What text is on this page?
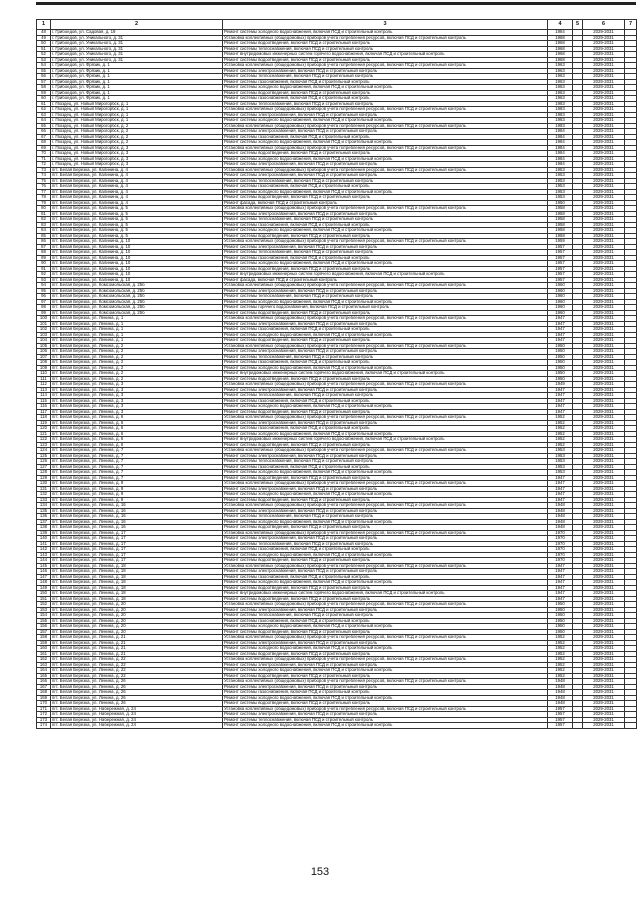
1	2	3	4	5	6	7
48	г. Грибоедов, ул. Садовая, д. 19	Ремонт системы холодного водоснабжения, включая ПСД и строительный контроль	1984		2029-2031	
49	г. Грибоедов, ул. Уникального, д. 31	Установка коллективных (общедомовых) приборов учета потребления ресурсов, включая ПСД и строительный контроль	1968		2029-2031	
50	г. Грибоедов, ул. Уникального, д. 31	Ремонт системы водоотведения, включая ПСД и строительный контроль	1968		2029-2031	
51	г. Грибоедов, ул. Уникального, д. 31	Ремонт системы теплоснабжения, включая ПСД и строительный контроль	1968		2029-2031	
52	г. Грибоедов, ул. Уникального, д. 31	Ремонт внутридомовых инженерных систем горячего водоснабжения, включая ПСД и строительный контроль	1968		2029-2031	
53	г. Грибоедов, ул. Уникального, д. 31	Ремонт системы водоотведения, включая ПСД и строительный контроль	1968		2029-2031	
54	г. Грибоедов, ул. Фрязик, д. 1	Установка коллективных (общедомовых) приборов учета потребления ресурсов, включая ПСД и строительный контроль	1963		2029-2031	
55	г. Грибоедов, ул. Фрязик, д. 1	Ремонт системы электроснабжения, включая ПСД и строительный контроль	1963		2029-2031	
56	г. Грибоедов, ул. Фрязик, д. 1	Ремонт системы теплоснабжения, включая ПСД и строительный контроль	1963		2029-2031	
57	г. Грибоедов, ул. Фрязик, д. 1	Ремонт системы газоснабжения, включая ПСД и строительный контроль	1963		2029-2031	
58	г. Грибоедов, ул. Фрязик, д. 1	Ремонт системы холодного водоснабжения, включая ПСД и строительный контроль	1963		2029-2031	
59	г. Грибоедов, ул. Фрязик, д. 1	Ремонт системы водоотведения, включая ПСД и строительный контроль	1963		2029-2031	
60	г. Грибоедов, ул. Фрязик, д. 1	Ремонт системы газоснабжения, включая ПСД и строительный контроль	1963		2029-2031	
61	г. Гвоздец, ул. Новый Мирогорбск, д. 1	Ремонт системы теплоснабжения, включая ПСД и строительный контроль	1983		2029-2031	
62	г. Гвоздец, ул. Новый Мирогорбск, д. 1	Установка коллективных (общедомовых) приборов учета потребления ресурсов, включая ПСД и строительный контроль	1983		2029-2031	
63	г. Гвоздец, ул. Новый Мирогорбск, д. 1	Ремонт системы электроснабжения, включая ПСД и строительный контроль	1983		2029-2031	
64	г. Гвоздец, ул. Новый Мирогорбск, д. 1	Ремонт системы холодного водоснабжения, включая ПСД и строительный контроль	1983		2029-2031	
65	г. Гвоздец, ул. Новый Мирогорбск, д. 2	Установка коллективных (общедомовых) приборов учета потребления ресурсов, включая ПСД и строительный контроль	1983		2029-2031	
66	г. Гвоздец, ул. Новый Мирогорбск, д. 2	Ремонт системы электроснабжения, включая ПСД и строительный контроль	1984		2029-2031	
67	г. Гвоздец, ул. Новый Мирогорбск, д. 2	Ремонт системы газоснабжения, включая ПСД и строительный контроль	1984		2029-2031	
68	г. Гвоздец, ул. Новый Мирогорбск, д. 2	Ремонт системы холодного водоснабжения, включая ПСД и строительный контроль	1984		2029-2031	
69	г. Гвоздец, ул. Новый Мирогорбск, д. 3	Установка коллективных (общедомовых) приборов учета потребления ресурсов, включая ПСД и строительный контроль	1984		2029-2031	
70	г. Гвоздец, ул. Новый Мирогорбск, д. 3	Ремонт системы водоотведения, включая ПСД и строительный контроль	1984		2029-2031	
71	г. Гвоздец, ул. Новый Мирогорбск, д. 3	Ремонт системы холодного водоснабжения, включая ПСД и строительный контроль	1984		2029-2031	
72	г. Гвоздец, ул. Новый Мирогорбск, д. 3	Ремонт системы электроснабжения, включая ПСД и строительный контроль	1984		2029-2031	
73	пгт. Белая Березка, ул. Калинина, д. 4	Установка коллективных (общедомовых) приборов учета потребления ресурсов, включая ПСД и строительный контроль	1953		2029-2031	
74	пгт. Белая Березка, ул. Калинина, д. 4	Ремонт системы электроснабжения, включая ПСД и строительный контроль	1953		2029-2031	
75	пгт. Белая Березка, ул. Калинина, д. 4	Ремонт системы теплоснабжения, включая ПСД и строительный контроль	1953		2029-2031	
76	пгт. Белая Березка, ул. Калинина, д. 4	Ремонт системы газоснабжения, включая ПСД и строительный контроль	1953		2029-2031	
77	пгт. Белая Березка, ул. Калинина, д. 4	Ремонт системы холодного водоснабжения, включая ПСД и строительный контроль	1953		2029-2031	
78	пгт. Белая Березка, ул. Калинина, д. 4	Ремонт системы водоотведения, включая ПСД и строительный контроль	1953		2029-2031	
79	пгт. Белая Березка, ул. Калинина, д. 4	Ремонт фасада, включая ПСД и строительный контроль	1950		2029-2031	
80	пгт. Белая Березка, ул. Калинина, д. 5	Установка коллективных (общедомовых) приборов учета потребления ресурсов, включая ПСД и строительный контроль	1958		2029-2031	
81	пгт. Белая Березка, ул. Калинина, д. 5	Ремонт системы электроснабжения, включая ПСД и строительный контроль	1958		2029-2031	
82	пгт. Белая Березка, ул. Калинина, д. 5	Ремонт системы теплоснабжения, включая ПСД и строительный контроль	1958		2029-2031	
83	пгт. Белая Березка, ул. Калинина, д. 5	Ремонт системы газоснабжения, включая ПСД и строительный контроль	1958		2029-2031	
84	пгт. Белая Березка, ул. Калинина, д. 5	Ремонт системы холодного водоснабжения, включая ПСД и строительный контроль	1958		2029-2031	
85	пгт. Белая Березка, ул. Калинина, д. 5	Ремонт системы водоотведения, включая ПСД и строительный контроль	1958		2029-2031	
86	пгт. Белая Березка, ул. Калинина, д. 10	Установка коллективных (общедомовых) приборов учета потребления ресурсов, включая ПСД и строительный контроль	1959		2029-2031	
87	пгт. Белая Березка, ул. Калинина, д. 10	Ремонт системы электроснабжения, включая ПСД и строительный контроль	1957		2029-2031	
88	пгт. Белая Березка, ул. Калинина, д. 10	Ремонт системы теплоснабжения, включая ПСД и строительный контроль	1957		2029-2031	
89	пгт. Белая Березка, ул. Калинина, д. 10	Ремонт системы газоснабжения, включая ПСД и строительный контроль	1957		2029-2031	
90	пгт. Белая Березка, ул. Калинина, д. 10	Ремонт системы холодного водоснабжения, включая ПСД и строительный контроль	1957		2029-2031	
91	пгт. Белая Березка, ул. Калинина, д. 10	Ремонт системы водоотведения, включая ПСД и строительный контроль	1957		2029-2031	
92	пгт. Белая Березка, ул. Калинина, д. 10	Ремонт внутридомовых инженерных систем горячего водоснабжения, включая ПСД и строительный контроль	1957		2029-2031	
93	пгт. Белая Березка, ул. Калинина, д. 10	Ремонт фасада, включая ПСД и строительный контроль	1957		2029-2031	
94	пгт. Белая Березка, ул. Комсомольская, д. 25б	Установка коллективных (общедомовых) приборов учета потребления ресурсов, включая ПСД и строительный контроль	1960		2029-2031	
95	пгт. Белая Березка, ул. Комсомольская, д. 25б	Ремонт системы электроснабжения, включая ПСД и строительный контроль	1960		2029-2031	
96	пгт. Белая Березка, ул. Комсомольская, д. 25б	Ремонт системы теплоснабжения, включая ПСД и строительный контроль	1960		2029-2031	
97	пгт. Белая Березка, ул. Комсомольская, д. 25б	Ремонт системы холодного водоснабжения, включая ПСД и строительный контроль	1960		2029-2031	
98	пгт. Белая Березка, ул. Комсомольская, д. 25б	Ремонт системы горячего водоснабжения, включая ПСД и строительный контроль	1960		2029-2031	
99	пгт. Белая Березка, ул. Комсомольская, д. 25б	Ремонт системы водоотведения, включая ПСД и строительный контроль	1960		2029-2031	
100	пгт. Белая Березка, ул. Ленина, д. 1	Установка коллективных (общедомовых) приборов учета потребления ресурсов, включая ПСД и строительный контроль	1947		2029-2031	
101	пгт. Белая Березка, ул. Ленина, д. 1	Ремонт системы электроснабжения, включая ПСД и строительный контроль	1947		2029-2031	
102	пгт. Белая Березка, ул. Ленина, д. 1	Ремонт системы газоснабжения, включая ПСД и строительный контроль	1947		2029-2031	
103	пгт. Белая Березка, ул. Ленина, д. 1	Ремонт системы холодного водоснабжения, включая ПСД и строительный контроль	1947		2029-2031	
104	пгт. Белая Березка, ул. Ленина, д. 1	Ремонт системы водоотведения, включая ПСД и строительный контроль	1947		2029-2031	
105	пгт. Белая Березка, ул. Ленина, д. 2	Установка коллективных (общедомовых) приборов учета потребления ресурсов, включая ПСД и строительный контроль	1950		2029-2031	
106	пгт. Белая Березка, ул. Ленина, д. 2	Ремонт системы электроснабжения, включая ПСД и строительный контроль	1950		2029-2031	
107	пгт. Белая Березка, ул. Ленина, д. 2	Ремонт системы теплоснабжения, включая ПСД и строительный контроль	1950		2029-2031	
108	пгт. Белая Березка, ул. Ленина, д. 2	Ремонт системы газоснабжения, включая ПСД и строительный контроль	1950		2029-2031	
109	пгт. Белая Березка, ул. Ленина, д. 2	Ремонт системы холодного водоснабжения, включая ПСД и строительный контроль	1950		2029-2031	
110	пгт. Белая Березка, ул. Ленина, д. 2	Ремонт внутридомовых инженерных систем горячего водоснабжения, включая ПСД и строительный контроль	1950		2029-2031	
111	пгт. Белая Березка, ул. Ленина, д. 2	Ремонт системы водоотведения, включая ПСД и строительный контроль	1950		2029-2031	
112	пгт. Белая Березка, ул. Ленина, д. 3	Установка коллективных (общедомовых) приборов учета потребления ресурсов, включая ПСД и строительный контроль	1949		2029-2031	
113	пгт. Белая Березка, ул. Ленина, д. 3	Ремонт системы электроснабжения, включая ПСД и строительный контроль	1947		2029-2031	
114	пгт. Белая Березка, ул. Ленина, д. 3	Ремонт системы теплоснабжения, включая ПСД и строительный контроль	1947		2029-2031	
115	пгт. Белая Березка, ул. Ленина, д. 3	Ремонт системы газоснабжения, включая ПСД и строительный контроль	1947		2029-2031	
116	пгт. Белая Березка, ул. Ленина, д. 3	Ремонт системы холодного водоснабжения, включая ПСД и строительный контроль	1947		2029-2031	
117	пгт. Белая Березка, ул. Ленина, д. 3	Ремонт системы водоотведения, включая ПСД и строительный контроль	1947		2029-2031	
118	пгт. Белая Березка, ул. Ленина, д. 6	Установка коллективных (общедомовых) приборов учета потребления ресурсов, включая ПСД и строительный контроль	1952		2029-2031	
119	пгт. Белая Березка, ул. Ленина, д. 6	Ремонт системы электроснабжения, включая ПСД и строительный контроль	1952		2029-2031	
120	пгт. Белая Березка, ул. Ленина, д. 6	Ремонт системы газоснабжения, включая ПСД и строительный контроль	1952		2029-2031	
121	пгт. Белая Березка, ул. Ленина, д. 6	Ремонт системы холодного водоснабжения, включая ПСД и строительный контроль	1952		2029-2031	
122	пгт. Белая Березка, ул. Ленина, д. 6	Ремонт внутридомовых инженерных систем горячего водоснабжения, включая ПСД и строительный контроль	1952		2029-2031	
123	пгт. Белая Березка, ул. Ленина, д. 6	Ремонт системы водоотведения, включая ПСД и строительный контроль	1952		2029-2031	
124	пгт. Белая Березка, ул. Ленина, д. 7	Установка коллективных (общедомовых) приборов учета потребления ресурсов, включая ПСД и строительный контроль	1953		2029-2031	
125	пгт. Белая Березка, ул. Ленина, д. 7	Ремонт системы электроснабжения, включая ПСД и строительный контроль	1953		2029-2031	
126	пгт. Белая Березка, ул. Ленина, д. 7	Ремонт системы теплоснабжения, включая ПСД и строительный контроль	1953		2029-2031	
127	пгт. Белая Березка, ул. Ленина, д. 7	Ремонт системы газоснабжения, включая ПСД и строительный контроль	1953		2029-2031	
128	пгт. Белая Березка, ул. Ленина, д. 7	Ремонт системы холодного водоснабжения, включая ПСД и строительный контроль	1953		2029-2031	
129	пгт. Белая Березка, ул. Ленина, д. 7	Ремонт системы водоотведения, включая ПСД и строительный контроль	1947		2029-2031	
130	пгт. Белая Березка, ул. Ленина, д. 9	Установка коллективных (общедомовых) приборов учета потребления ресурсов, включая ПСД и строительный контроль	1947		2029-2031	
131	пгт. Белая Березка, ул. Ленина, д. 9	Ремонт системы электроснабжения, включая ПСД и строительный контроль	1947		2029-2031	
132	пгт. Белая Березка, ул. Ленина, д. 9	Ремонт системы холодного водоснабжения, включая ПСД и строительный контроль	1947		2029-2031	
133	пгт. Белая Березка, ул. Ленина, д. 9	Ремонт системы водоотведения, включая ПСД и строительный контроль	1947		2029-2031	
134	пгт. Белая Березка, ул. Ленина, д. 16	Установка коллективных (общедомовых) приборов учета потребления ресурсов, включая ПСД и строительный контроль	1948		2029-2031	
135	пгт. Белая Березка, ул. Ленина, д. 16	Ремонт системы электроснабжения, включая ПСД и строительный контроль	1948		2029-2031	
136	пгт. Белая Березка, ул. Ленина, д. 16	Ремонт системы теплоснабжения, включая ПСД и строительный контроль	1948		2029-2031	
137	пгт. Белая Березка, ул. Ленина, д. 16	Ремонт системы холодного водоснабжения, включая ПСД и строительный контроль	1948		2029-2031	
138	пгт. Белая Березка, ул. Ленина, д. 16	Ремонт системы водоотведения, включая ПСД и строительный контроль	1948		2029-2031	
139	пгт. Белая Березка, ул. Ленина, д. 17	Установка коллективных (общедомовых) приборов учета потребления ресурсов, включая ПСД и строительный контроль	1970		2029-2031	
140	пгт. Белая Березка, ул. Ленина, д. 17	Ремонт системы электроснабжения, включая ПСД и строительный контроль	1970		2029-2031	
141	пгт. Белая Березка, ул. Ленина, д. 17	Ремонт системы теплоснабжения, включая ПСД и строительный контроль	1970		2029-2031	
142	пгт. Белая Березка, ул. Ленина, д. 17	Ремонт системы газоснабжения, включая ПСД и строительный контроль	1970		2029-2031	
143	пгт. Белая Березка, ул. Ленина, д. 17	Ремонт системы холодного водоснабжения, включая ПСД и строительный контроль	1970		2029-2031	
144	пгт. Белая Березка, ул. Ленина, д. 17	Ремонт системы водоотведения, включая ПСД и строительный контроль	1970		2029-2031	
145	пгт. Белая Березка, ул. Ленина, д. 18	Установка коллективных (общедомовых) приборов учета потребления ресурсов, включая ПСД и строительный контроль	1947		2029-2031	
146	пгт. Белая Березка, ул. Ленина, д. 18	Ремонт системы электроснабжения, включая ПСД и строительный контроль	1947		2029-2031	
147	пгт. Белая Березка, ул. Ленина, д. 18	Ремонт системы газоснабжения, включая ПСД и строительный контроль	1947		2029-2031	
148	пгт. Белая Березка, ул. Ленина, д. 18	Ремонт системы холодного водоснабжения, включая ПСД и строительный контроль	1947		2029-2031	
149	пгт. Белая Березка, ул. Ленина, д. 18	Ремонт системы водоотведения, включая ПСД и строительный контроль	1947		2029-2031	
150	пгт. Белая Березка, ул. Ленина, д. 18	Ремонт внутридомовых инженерных систем горячего водоснабжения, включая ПСД и строительный контроль	1947		2029-2031	
151	пгт. Белая Березка, ул. Ленина, д. 18	Ремонт системы водоотведения, включая ПСД и строительный контроль	1947		2029-2031	
152	пгт. Белая Березка, ул. Ленина, д. 20	Установка коллективных (общедомовых) приборов учета потребления ресурсов, включая ПСД и строительный контроль	1950		2029-2031	
153	пгт. Белая Березка, ул. Ленина, д. 20	Ремонт системы электроснабжения, включая ПСД и строительный контроль	1950		2029-2031	
154	пгт. Белая Березка, ул. Ленина, д. 20	Ремонт системы теплоснабжения, включая ПСД и строительный контроль	1950		2029-2031	
155	пгт. Белая Березка, ул. Ленина, д. 20	Ремонт системы газоснабжения, включая ПСД и строительный контроль	1950		2029-2031	
156	пгт. Белая Березка, ул. Ленина, д. 20	Ремонт системы холодного водоснабжения, включая ПСД и строительный контроль	1950		2029-2031	
157	пгт. Белая Березка, ул. Ленина, д. 20	Ремонт системы водоотведения, включая ПСД и строительный контроль	1950		2029-2031	
158	пгт. Белая Березка, ул. Ленина, д. 21	Установка коллективных (общедомовых) приборов учета потребления ресурсов, включая ПСД и строительный контроль	1952		2029-2031	
159	пгт. Белая Березка, ул. Ленина, д. 21	Ремонт системы электроснабжения, включая ПСД и строительный контроль	1952		2029-2031	
160	пгт. Белая Березка, ул. Ленина, д. 21	Ремонт системы холодного водоснабжения, включая ПСД и строительный контроль	1952		2029-2031	
161	пгт. Белая Березка, ул. Ленина, д. 21	Ремонт системы водоотведения, включая ПСД и строительный контроль	1952		2029-2031	
162	пгт. Белая Березка, ул. Ленина, д. 22	Установка коллективных (общедомовых) приборов учета потребления ресурсов, включая ПСД и строительный контроль	1952		2029-2031	
163	пгт. Белая Березка, ул. Ленина, д. 22	Ремонт системы электроснабжения, включая ПСД и строительный контроль	1952		2029-2031	
164	пгт. Белая Березка, ул. Ленина, д. 22	Ремонт системы холодного водоснабжения, включая ПСД и строительный контроль	1952		2029-2031	
165	пгт. Белая Березка, ул. Ленина, д. 22	Ремонт системы водоотведения, включая ПСД и строительный контроль	1952		2029-2031	
166	пгт. Белая Березка, ул. Ленина, д. 26	Установка коллективных (общедомовых) приборов учета потребления ресурсов, включая ПСД и строительный контроль	1948		2029-2031	
167	пгт. Белая Березка, ул. Ленина, д. 26	Ремонт системы электроснабжения, включая ПСД и строительный контроль	1948		2029-2031	
168	пгт. Белая Березка, ул. Ленина, д. 26	Ремонт системы газоснабжения, включая ПСД и строительный контроль	1948		2029-2031	
169	пгт. Белая Березка, ул. Ленина, д. 26	Ремонт системы холодного водоснабжения, включая ПСД и строительный контроль	1948		2029-2031	
170	пгт. Белая Березка, ул. Ленина, д. 26	Ремонт системы водоотведения, включая ПСД и строительный контроль	1948		2029-2031	
171	пгт. Белая Березка, ул. Набережная, д. 24	Установка коллективных (общедомовых) приборов учета потребления ресурсов, включая ПСД и строительный контроль	1957		2029-2031	
172	пгт. Белая Березка, ул. Набережная, д. 24	Ремонт системы электроснабжения, включая ПСД и строительный контроль	1957		2029-2031	
173	пгт. Белая Березка, ул. Набережная, д. 24	Ремонт системы теплоснабжения, включая ПСД и строительный контроль	1957		2029-2031	
174	пгт. Белая Березка, ул. Набережная, д. 24	Ремонт системы холодного водоснабжения, включая ПСД и строительный контроль	1957		2029-2031	
153
